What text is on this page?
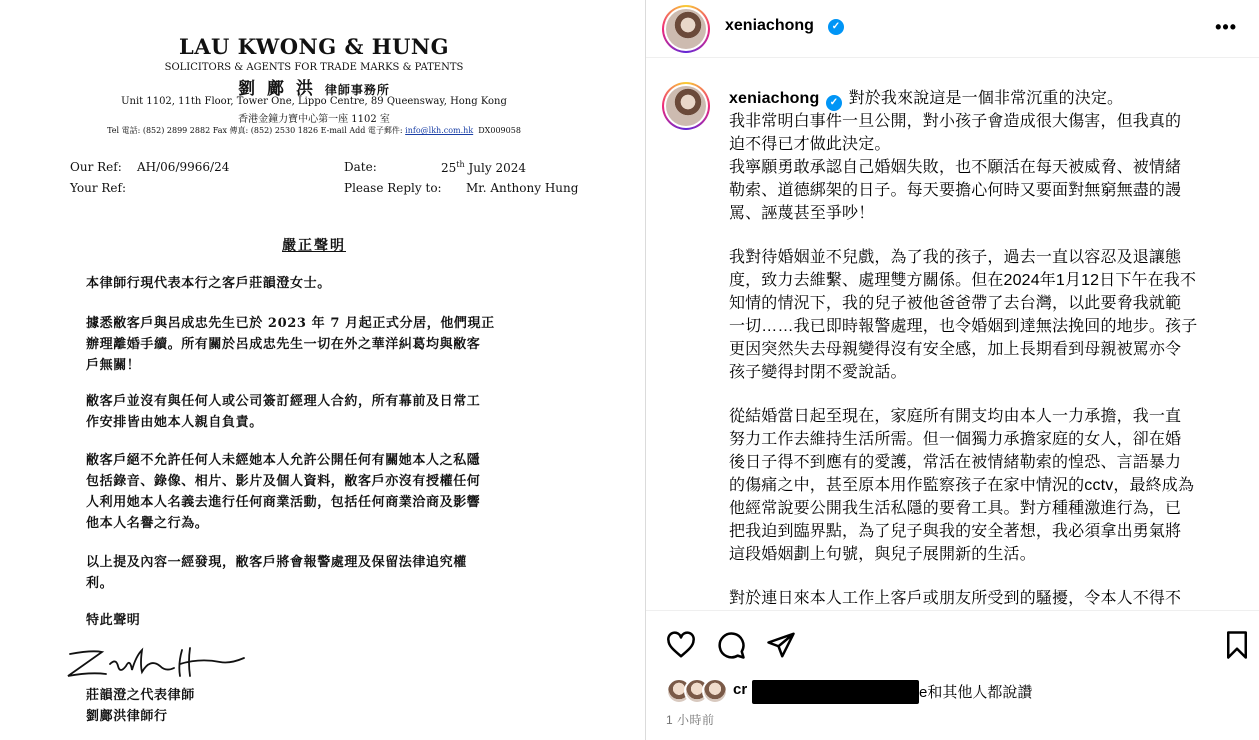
LAU KWONG & HUNG
SOLICITORS & AGENTS FOR TRADE MARKS & PATENTS
劉 鄺 洪 律師事務所
Unit 1102, 11th Floor, Tower One, Lippo Centre, 89 Queensway, Hong Kong
香港金鐘力寶中心第一座 1102 室
Tel 電話: (852) 2899 2882 Fax 傳真: (852) 2530 1826 E-mail Add 電子郵件: info@lkh.com.hk DX009058
Our Ref: AH/06/9966/24
Your Ref:
Date:	25th July 2024
Please Reply to: Mr. Anthony Hung
嚴正聲明
本律師行現代表本行之客戶莊韻澄女士。
據悉敝客戶與呂成忠先生已於 2023 年 7 月起正式分居，他們現正
辦理離婚手續。所有關於呂成忠先生一切在外之華洋糾葛均與敝客
戶無關！
敝客戶並沒有與任何人或公司簽訂經理人合約，所有幕前及日常工
作安排皆由她本人親自負責。
敝客戶絕不允許任何人未經她本人允許公開任何有關她本人之私隱
包括錄音、錄像、相片、影片及個人資料，敝客戶亦沒有授權任何
人利用她本人名義去進行任何商業活動，包括任何商業洽商及影響
他本人名譽之行為。
以上提及內容一經發現，敝客戶將會報警處理及保留法律追究權
利。
特此聲明
莊韻澄之代表律師
劉鄺洪律師行
xeniachong	✓	•••
xeniachong ✓ 對於我來說這是一個非常沉重的決定。
我非常明白事件一旦公開，對小孩子會造成很大傷害，但我真的
迫不得已才做此決定。
我寧願勇敢承認自己婚姻失敗，也不願活在每天被威脅、被情緒
勒索、道德綁架的日子。每天要擔心何時又要面對無窮無盡的謾
罵、誣蔑甚至爭吵！
我對待婚姻並不兒戲，為了我的孩子，過去一直以容忍及退讓態
度，致力去維繫、處理雙方關係。但在2024年1月12日下午在我不
知情的情況下，我的兒子被他爸爸帶了去台灣，以此要脅我就範
一切……我已即時報警處理，也令婚姻到達無法挽回的地步。孩子
更因突然失去母親變得沒有安全感，加上長期看到母親被罵亦令
孩子變得封閉不愛說話。
從結婚當日起至現在，家庭所有開支均由本人一力承擔，我一直
努力工作去維持生活所需。但一個獨力承擔家庭的女人，卻在婚
後日子得不到應有的愛護，常活在被情緒勒索的惶恐、言語暴力
的傷痛之中，甚至原本用作監察孩子在家中情況的cctv，最終成為
他經常說要公開我生活私隱的要脅工具。對方種種激進行為，已
把我迫到臨界點，為了兒子與我的安全著想，我必須拿出勇氣將
這段婚姻劃上句號，與兒子展開新的生活。
對於連日來本人工作上客戶或朋友所受到的騷擾，令本人不得不
cr	e和其他人都說讚
1 小時前
